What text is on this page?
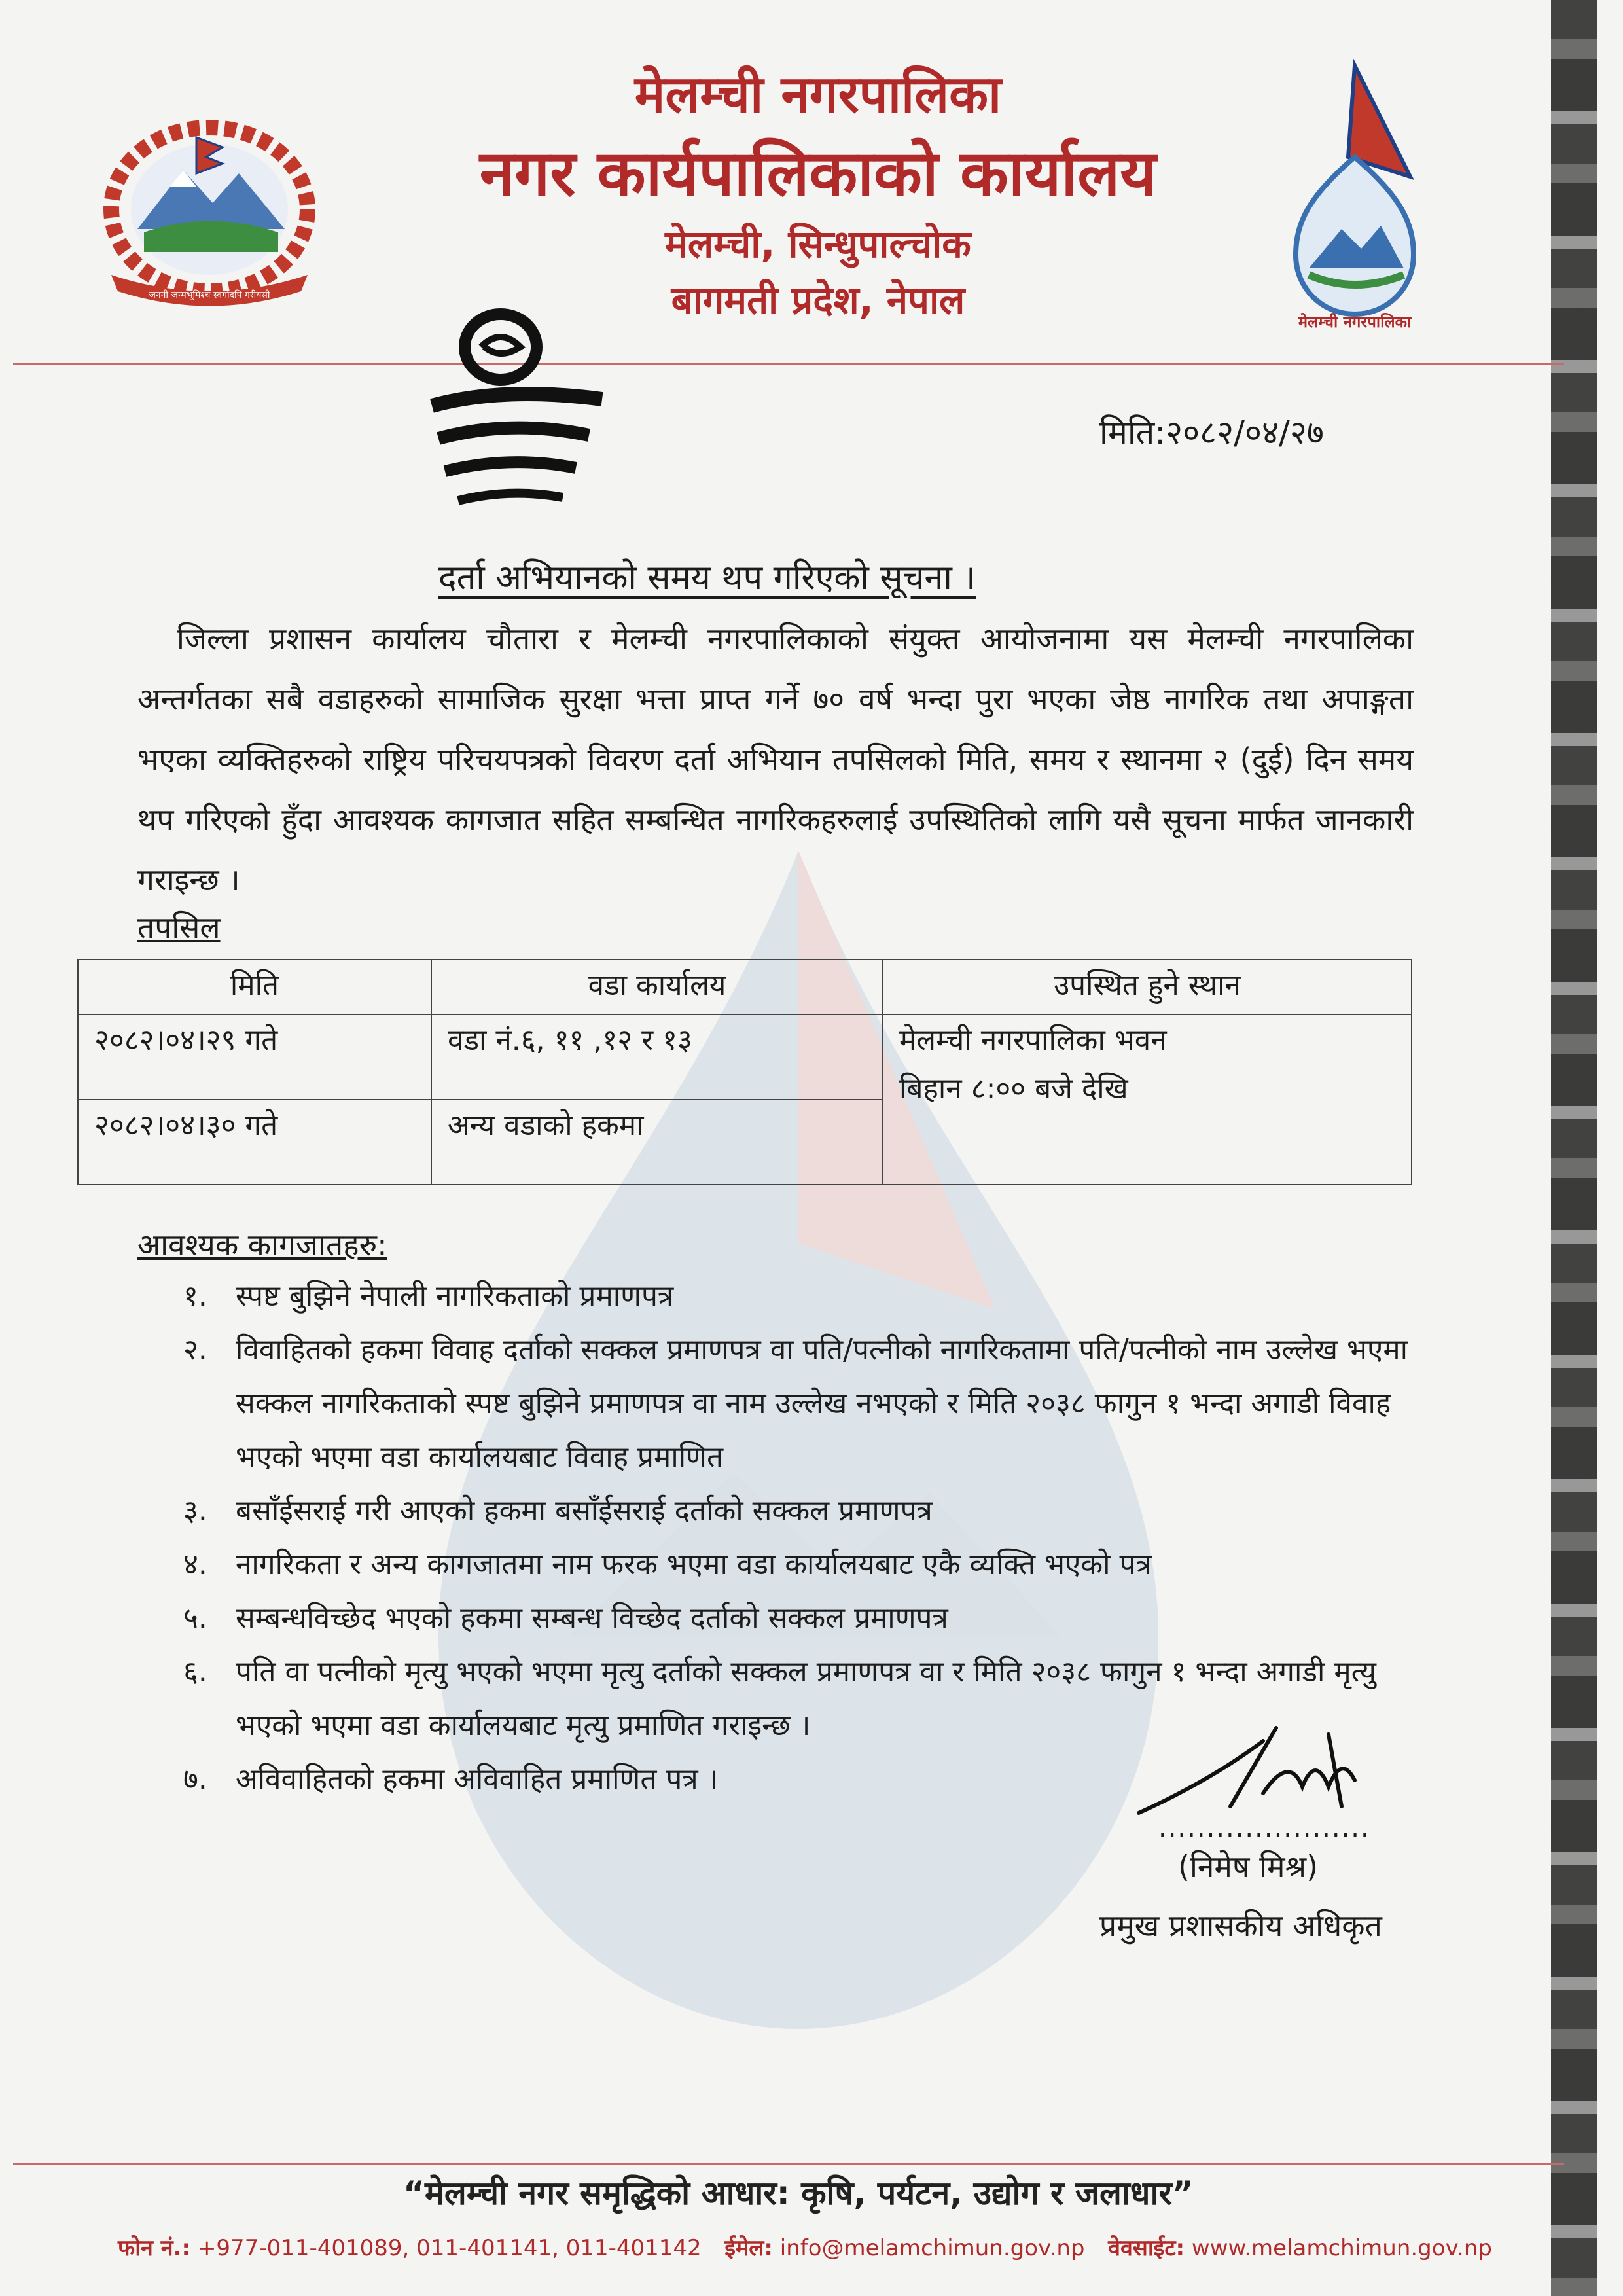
जननी जन्मभूमिश्च स्वर्गादपि गरीयसी
मेलम्ची नगरपालिका
नगर कार्यपालिकाको कार्यालय
मेलम्ची, सिन्धुपाल्चोक
बागमती प्रदेश, नेपाल	मेलम्ची नगरपालिका
मिति:२०८२/०४/२७
दर्ता अभियानको समय थप गरिएको सूचना ।
जिल्ला प्रशासन कार्यालय चौतारा र मेलम्ची नगरपालिकाको संयुक्त आयोजनामा यस मेलम्ची नगरपालिका अन्तर्गतका सबै वडाहरुको सामाजिक सुरक्षा भत्ता प्राप्त गर्ने ७० वर्ष भन्दा पुरा भएका जेष्ठ नागरिक तथा अपाङ्गता भएका व्यक्तिहरुको राष्ट्रिय परिचयपत्रको विवरण दर्ता अभियान तपसिलको मिति, समय र स्थानमा २ (दुई) दिन समय थप गरिएको हुँदा आवश्यक कागजात सहित सम्बन्धित नागरिकहरुलाई उपस्थितिको लागि यसै सूचना मार्फत जानकारी गराइन्छ ।
तपसिल
मिति	वडा कार्यालय	उपस्थित हुने स्थान
२०८२।०४।२९ गते	वडा नं.६, ११ ,१२ र १३	मेलम्ची नगरपालिका भवन
बिहान ८:०० बजे देखि

२०८२।०४।३० गते	अन्य वडाको हकमा	
आवश्यक कागजातहरु:
१. स्पष्ट बुझिने नेपाली नागरिकताको प्रमाणपत्र
२. विवाहितको हकमा विवाह दर्ताको सक्कल प्रमाणपत्र वा पति/पत्नीको नागरिकतामा पति/पत्नीको नाम उल्लेख भएमा सक्कल नागरिकताको स्पष्ट बुझिने प्रमाणपत्र वा नाम उल्लेख नभएको र मिति २०३८ फागुन १ भन्दा अगाडी विवाह भएको भएमा वडा कार्यालयबाट विवाह प्रमाणित
३. बसाँईसराई गरी आएको हकमा बसाँईसराई दर्ताको सक्कल प्रमाणपत्र
४. नागरिकता र अन्य कागजातमा नाम फरक भएमा वडा कार्यालयबाट एकै व्यक्ति भएको पत्र
५. सम्बन्धविच्छेद भएको हकमा सम्बन्ध विच्छेद दर्ताको सक्कल प्रमाणपत्र
६. पति वा पत्नीको मृत्यु भएको भएमा मृत्यु दर्ताको सक्कल प्रमाणपत्र वा र मिति २०३८ फागुन १ भन्दा अगाडी मृत्यु भएको भएमा वडा कार्यालयबाट मृत्यु प्रमाणित गराइन्छ ।
७. अविवाहितको हकमा अविवाहित प्रमाणित पत्र ।
......................
(निमेष मिश्र)
प्रमुख प्रशासकीय अधिकृत
“मेलम्ची नगर समृद्धिको आधार: कृषि, पर्यटन, उद्योग र जलाधार”
फोन नं.: +977-011-401089, 011-401141, 011-401142 ईमेल: info@melamchimun.gov.np वेवसाईट: www.melamchimun.gov.np
